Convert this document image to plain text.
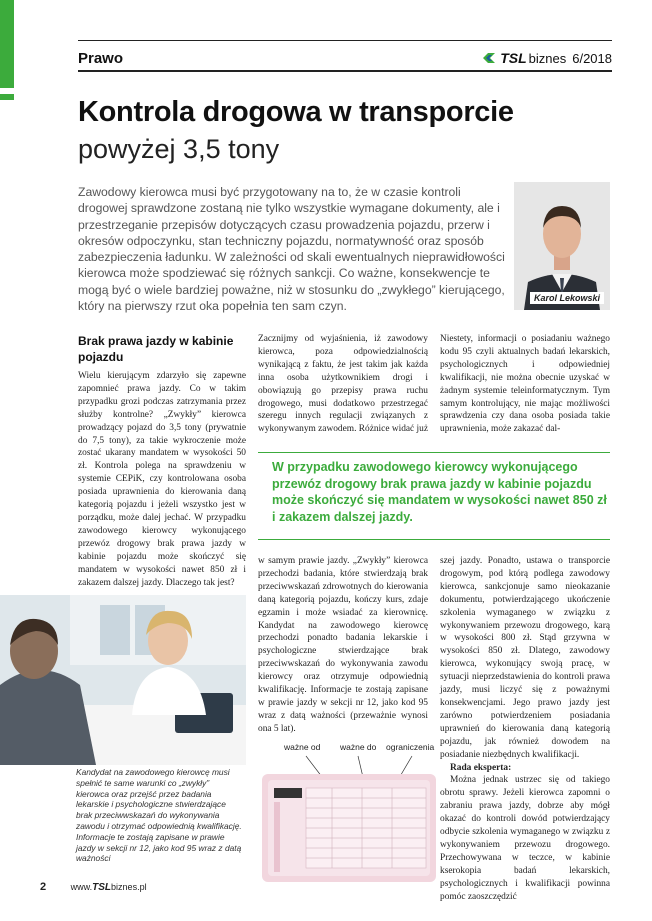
Prawo	TSL biznes 6/2018
Kontrola drogowa w transporcie
powyżej 3,5 tony

Zawodowy kierowca musi być przygotowany na to, że w czasie kontroli drogowej sprawdzone zostaną nie tylko wszystkie wymagane dokumenty, ale i przestrzeganie przepisów dotyczących czasu prowadzenia pojazdu, przerw i okresów odpoczynku, stan techniczny pojazdu, normatywność oraz sposób zabezpieczenia ładunku. W zależności od skali ewentualnych nieprawidłowości kierowca może spodziewać się różnych sankcji. Co ważne, konsekwencje te mogą być o wiele bardziej poważne, niż w stosunku do „zwykłego” kierującego, który na pierwszy rzut oka popełnia ten sam czyn.

Karol Lekowski
Brak prawa jazdy w kabinie pojazdu

Wielu kierującym zdarzyło się zapewne zapomnieć prawa jazdy. Co w takim przypadku grozi podczas zatrzymania przez służby kontrolne? „Zwykły” kierowca prowadzący pojazd do 3,5 tony (prywatnie do 7,5 tony), za takie wykroczenie może zostać ukarany mandatem w wysokości 50 zł. Kontrola polega na sprawdzeniu w systemie CEPiK, czy kontrolowana osoba posiada uprawnienia do kierowania daną kategorią pojazdu i jeżeli wszystko jest w porządku, może dalej jechać. W przypadku zawodowego kierowcy wykonującego przewóz drogowy brak prawa jazdy w kabinie pojazdu może skończyć się mandatem w wysokości nawet 850 zł i zakazem dalszej jazdy. Dlaczego tak jest?

Zacznijmy od wyjaśnienia, iż zawodowy kierowca, poza odpowiedzialnością wynikającą z faktu, że jest takim jak każda inna osoba użytkownikiem drogi i obowiązują go przepisy prawa ruchu drogowego, musi dodatkowo przestrzegać szeregu innych regulacji związanych z wykonywanym zawodem. Różnice widać już

Niestety, informacji o posiadaniu ważnego kodu 95 czyli aktualnych badań lekarskich, psychologicznych i odpowiedniej kwalifikacji, nie można obecnie uzyskać w żadnym systemie teleinformatycznym. Tym samym kontrolujący, nie mając możliwości sprawdzenia czy dana osoba posiada takie uprawnienia, może zakazać dal-

W przypadku zawodowego kierowcy wykonującego przewóz drogowy brak prawa jazdy w kabinie pojazdu może skończyć się mandatem w wysokości nawet 850 zł i zakazem dalszej jazdy.

w samym prawie jazdy. „Zwykły” kierowca przechodzi badania, które stwierdzają brak przeciwwskazań zdrowotnych do kierowania daną kategorią pojazdu, kończy kurs, zdaje egzamin i może wsiadać za kierownicę. Kandydat na zawodowego kierowcę przechodzi ponadto badania lekarskie i psychologiczne stwierdzające brak przeciwwskazań do wykonywania zawodu kierowcy oraz otrzymuje odpowiednią kwalifikację. Informacje te zostają zapisane w prawie jazdy w sekcji nr 12, jako kod 95 wraz z datą ważności (przeważnie wynosi ona 5 lat).

szej jazdy. Ponadto, ustawa o transporcie drogowym, pod którą podlega zawodowy kierowca, sankcjonuje samo nieokazanie dokumentu, potwierdzającego ukończenie szkolenia wymaganego w związku z wykonywaniem przewozu drogowego, karą w wysokości 800 zł. Stąd grzywna w wysokości 850 zł. Dlatego, zawodowy kierowca, wykonujący swoją pracę, w sytuacji nieprzedstawienia do kontroli prawa jazdy, musi liczyć się z poważnymi konsekwencjami. Jego prawo jazdy jest zarówno potwierdzeniem posiadania uprawnień do kierowania daną kategorią pojazdu, jak również dowodem na posiadanie niezbędnych kwalifikacji.

Rada eksperta:

Można jednak ustrzec się od takiego obrotu sprawy. Jeżeli kierowca zapomni o zabraniu prawa jazdy, dobrze aby mógł okazać do kontroli dowód potwierdzający odbycie szkolenia wymaganego w związku z wykonywaniem przewozu drogowego. Przechowywana w teczce, w kabinie kserokopia badań lekarskich, psychologicznych i kwalifikacji powinna pomóc zaoszczędzić

Kandydat na zawodowego kierowcę musi spełnić te same warunki co „zwykły” kierowca oraz przejść przez badania lekarskie i psychologiczne stwierdzające brak przeciwwskazań do wykonywania zawodu i otrzymać odpowiednią kwalifikację. Informacje te zostają zapisane w prawie jazdy w sekcji nr 12, jako kod 95 wraz z datą ważności
ważne od ważne do ograniczenia
2	www.TSLbiznes.pl
